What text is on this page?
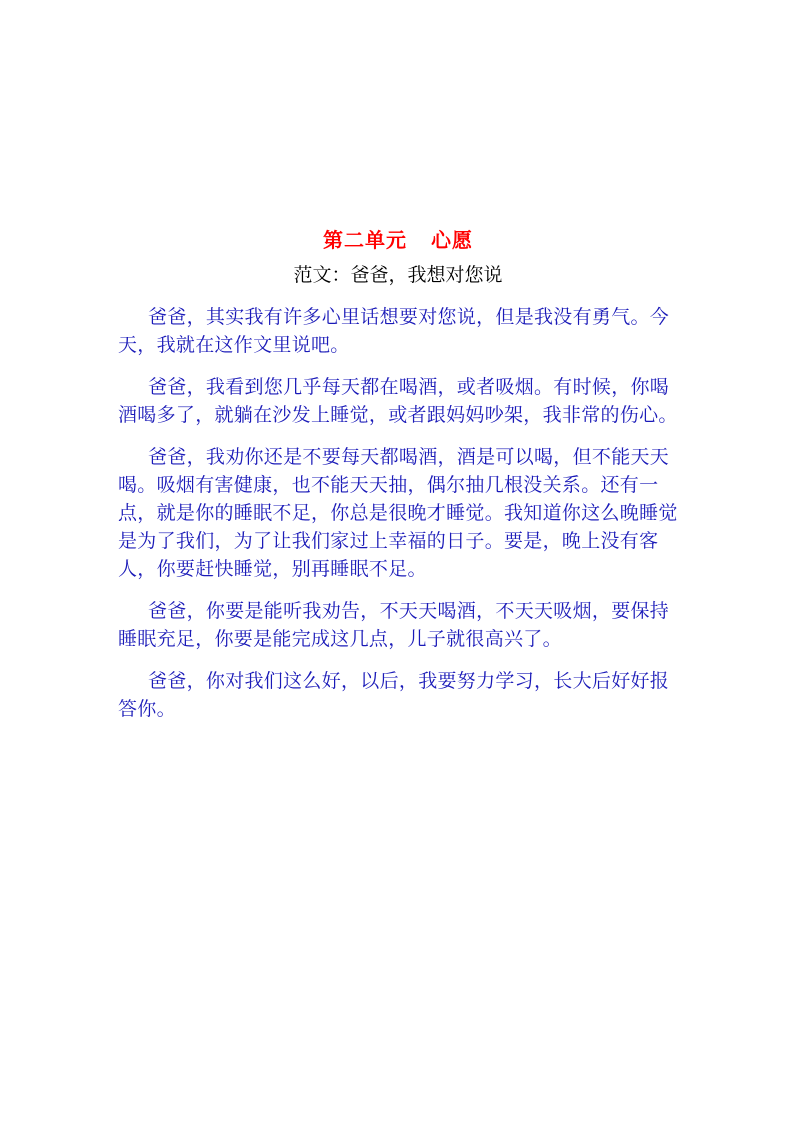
第二单元 心愿
范文：爸爸，我想对您说

爸爸，其实我有许多心里话想要对您说，但是我没有勇气。今天，我就在这作文里说吧。

爸爸，我看到您几乎每天都在喝酒，或者吸烟。有时候，你喝酒喝多了，就躺在沙发上睡觉，或者跟妈妈吵架，我非常的伤心。

爸爸，我劝你还是不要每天都喝酒，酒是可以喝，但不能天天喝。吸烟有害健康，也不能天天抽，偶尔抽几根没关系。还有一点，就是你的睡眠不足，你总是很晚才睡觉。我知道你这么晚睡觉是为了我们，为了让我们家过上幸福的日子。要是，晚上没有客人，你要赶快睡觉，别再睡眠不足。

爸爸，你要是能听我劝告，不天天喝酒，不天天吸烟，要保持睡眠充足，你要是能完成这几点，儿子就很高兴了。

爸爸，你对我们这么好，以后，我要努力学习，长大后好好报答你。
